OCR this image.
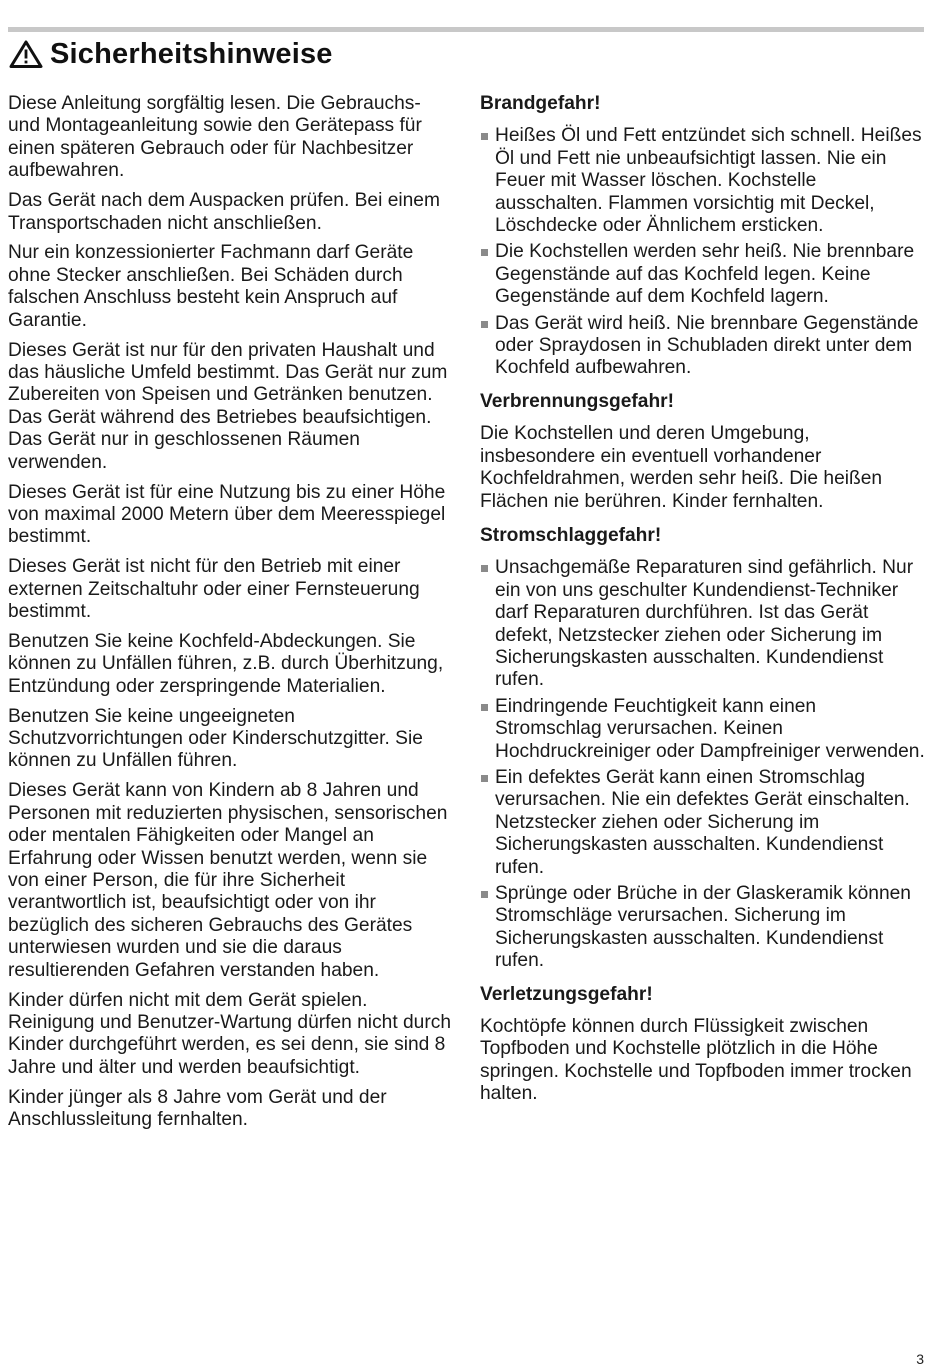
Sicherheitshinweise

Diese Anleitung sorgfältig lesen. Die Gebrauchs- und Montageanleitung sowie den Gerätepass für einen späteren Gebrauch oder für Nachbesitzer aufbewahren.

Das Gerät nach dem Auspacken prüfen. Bei einem Transportschaden nicht anschließen.

Nur ein konzessionierter Fachmann darf Geräte ohne Stecker anschließen. Bei Schäden durch falschen Anschluss besteht kein Anspruch auf Garantie.

Dieses Gerät ist nur für den privaten Haushalt und das häusliche Umfeld bestimmt. Das Gerät nur zum Zubereiten von Speisen und Getränken benutzen. Das Gerät während des Betriebes beaufsichtigen. Das Gerät nur in geschlossenen Räumen verwenden.

Dieses Gerät ist für eine Nutzung bis zu einer Höhe von maximal 2000 Metern über dem Meeresspiegel bestimmt.

Dieses Gerät ist nicht für den Betrieb mit einer externen Zeitschaltuhr oder einer Fernsteuerung bestimmt.

Benutzen Sie keine Kochfeld-Abdeckungen. Sie können zu Unfällen führen, z.B. durch Überhitzung, Entzündung oder zerspringende Materialien.

Benutzen Sie keine ungeeigneten Schutzvorrichtungen oder Kinderschutzgitter. Sie können zu Unfällen führen.

Dieses Gerät kann von Kindern ab 8 Jahren und Personen mit reduzierten physischen, sensorischen oder mentalen Fähigkeiten oder Mangel an Erfahrung oder Wissen benutzt werden, wenn sie von einer Person, die für ihre Sicherheit verantwortlich ist, beaufsichtigt oder von ihr bezüglich des sicheren Gebrauchs des Gerätes unterwiesen wurden und sie die daraus resultierenden Gefahren verstanden haben.

Kinder dürfen nicht mit dem Gerät spielen. Reinigung und Benutzer-Wartung dürfen nicht durch Kinder durchgeführt werden, es sei denn, sie sind 8 Jahre und älter und werden beaufsichtigt.

Kinder jünger als 8 Jahre vom Gerät und der Anschlussleitung fernhalten.

Brandgefahr!

Heißes Öl und Fett entzündet sich schnell. Heißes Öl und Fett nie unbeaufsichtigt lassen. Nie ein Feuer mit Wasser löschen. Kochstelle ausschalten. Flammen vorsichtig mit Deckel, Löschdecke oder Ähnlichem ersticken.
Die Kochstellen werden sehr heiß. Nie brennbare Gegenstände auf das Kochfeld legen. Keine Gegenstände auf dem Kochfeld lagern.
Das Gerät wird heiß. Nie brennbare Gegenstände oder Spraydosen in Schubladen direkt unter dem Kochfeld aufbewahren.

Verbrennungsgefahr!

Die Kochstellen und deren Umgebung, insbesondere ein eventuell vorhandener Kochfeldrahmen, werden sehr heiß. Die heißen Flächen nie berühren. Kinder fernhalten.

Stromschlaggefahr!

Unsachgemäße Reparaturen sind gefährlich. Nur ein von uns geschulter Kundendienst-Techniker darf Reparaturen durchführen. Ist das Gerät defekt, Netzstecker ziehen oder Sicherung im Sicherungskasten ausschalten. Kundendienst rufen.
Eindringende Feuchtigkeit kann einen Stromschlag verursachen. Keinen Hochdruckreiniger oder Dampfreiniger verwenden.
Ein defektes Gerät kann einen Stromschlag verursachen. Nie ein defektes Gerät einschalten. Netzstecker ziehen oder Sicherung im Sicherungskasten ausschalten. Kundendienst rufen.
Sprünge oder Brüche in der Glaskeramik können Stromschläge verursachen. Sicherung im Sicherungskasten ausschalten. Kundendienst rufen.

Verletzungsgefahr!

Kochtöpfe können durch Flüssigkeit zwischen Topfboden und Kochstelle plötzlich in die Höhe springen. Kochstelle und Topfboden immer trocken halten.

3
